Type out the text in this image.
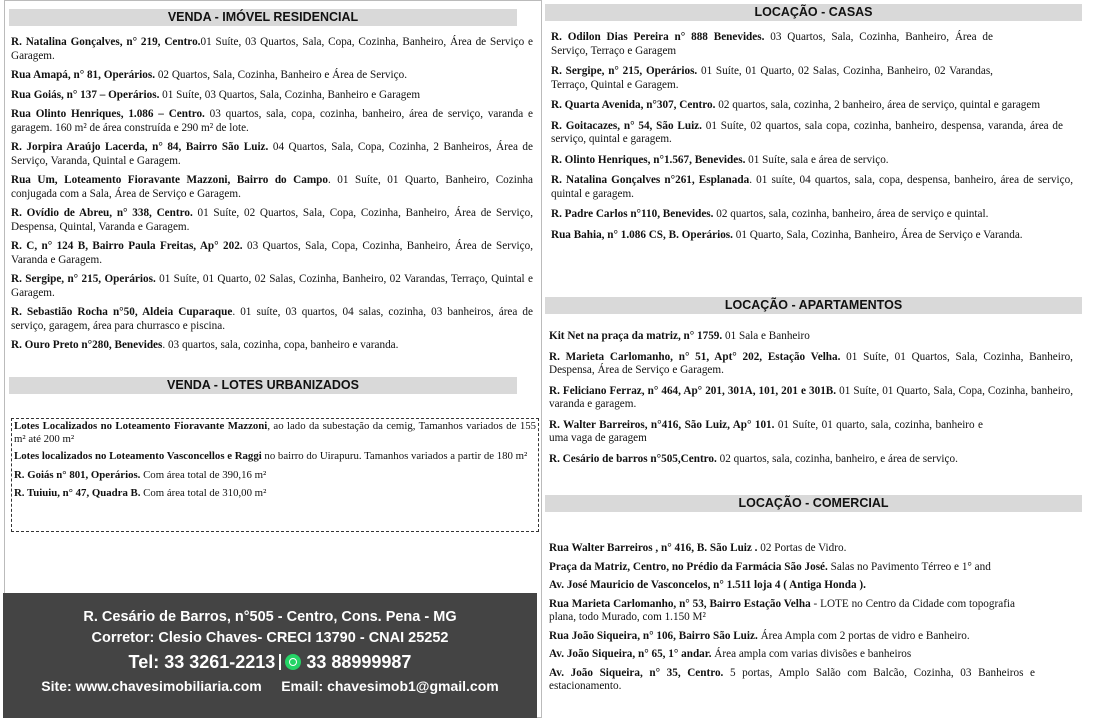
VENDA - IMÓVEL RESIDENCIAL

R. Natalina Gonçalves, n° 219, Centro.01 Suíte, 03 Quartos, Sala, Copa, Cozinha, Banheiro, Área de Serviço e Garagem.

Rua Amapá, n° 81, Operários. 02 Quartos, Sala, Cozinha, Banheiro e Área de Serviço.

Rua Goiás, n° 137 – Operários. 01 Suíte, 03 Quartos, Sala, Cozinha, Banheiro e Garagem

Rua Olinto Henriques, 1.086 – Centro. 03 quartos, sala, copa, cozinha, banheiro, área de serviço, varanda e garagem. 160 m² de área construída e 290 m² de lote.

R. Jorpira Araújo Lacerda, n° 84, Bairro São Luiz. 04 Quartos, Sala, Copa, Cozinha, 2 Banheiros, Área de Serviço, Varanda, Quintal e Garagem.

Rua Um, Loteamento Fioravante Mazzoni, Bairro do Campo. 01 Suíte, 01 Quarto, Banheiro, Cozinha conjugada com a Sala, Área de Serviço e Garagem.

R. Ovídio de Abreu, n° 338, Centro. 01 Suíte, 02 Quartos, Sala, Copa, Cozinha, Banheiro, Área de Serviço, Despensa, Quintal, Varanda e Garagem.

R. C, n° 124 B, Bairro Paula Freitas, Ap° 202. 03 Quartos, Sala, Copa, Cozinha, Banheiro, Área de Serviço, Varanda e Garagem.

R. Sergipe, n° 215, Operários. 01 Suíte, 01 Quarto, 02 Salas, Cozinha, Banheiro, 02 Varandas, Terraço, Quintal e Garagem.

R. Sebastião Rocha n°50, Aldeia Cuparaque. 01 suíte, 03 quartos, 04 salas, cozinha, 03 banheiros, área de serviço, garagem, área para churrasco e piscina.

R. Ouro Preto n°280, Benevides. 03 quartos, sala, cozinha, copa, banheiro e varanda.

VENDA - LOTES URBANIZADOS

Lotes Localizados no Loteamento Fioravante Mazzoni, ao lado da subestação da cemig, Tamanhos variados de 155 m² até 200 m²

Lotes localizados no Loteamento Vasconcellos e Raggi no bairro do Uirapuru. Tamanhos variados a partir de 180 m²

R. Goiás n° 801, Operários. Com área total de 390,16 m²

R. Tuiuiu, n° 47, Quadra B. Com área total de 310,00 m²

R. Cesário de Barros, n°505 - Centro, Cons. Pena - MG
Corretor: Clesio Chaves- CRECI 13790 - CNAI 25252
Tel: 33 3261-2213 33 88999987
Site: www.chavesimobiliaria.com Email: chavesimob1@gmail.com
LOCAÇÃO - CASAS

R. Odilon Dias Pereira n° 888 Benevides. 03 Quartos, Sala, Cozinha, Banheiro, Área de Serviço, Terraço e Garagem

R. Sergipe, n° 215, Operários. 01 Suíte, 01 Quarto, 02 Salas, Cozinha, Banheiro, 02 Varandas, Terraço, Quintal e Garagem.

R. Quarta Avenida, n°307, Centro. 02 quartos, sala, cozinha, 2 banheiro, área de serviço, quintal e garagem

R. Goitacazes, n° 54, São Luiz. 01 Suíte, 02 quartos, sala copa, cozinha, banheiro, despensa, varanda, área de serviço, quintal e garagem.

R. Olinto Henriques, n°1.567, Benevides. 01 Suíte, sala e área de serviço.

R. Natalina Gonçalves n°261, Esplanada. 01 suíte, 04 quartos, sala, copa, despensa, banheiro, área de serviço, quintal e garagem.

R. Padre Carlos n°110, Benevides. 02 quartos, sala, cozinha, banheiro, área de serviço e quintal.

Rua Bahia, n° 1.086 CS, B. Operários. 01 Quarto, Sala, Cozinha, Banheiro, Área de Serviço e Varanda.

LOCAÇÃO - APARTAMENTOS

Kit Net na praça da matriz, n° 1759. 01 Sala e Banheiro

R. Marieta Carlomanho, n° 51, Apt° 202, Estação Velha. 01 Suíte, 01 Quartos, Sala, Cozinha, Banheiro, Despensa, Área de Serviço e Garagem.

R. Feliciano Ferraz, n° 464, Ap° 201, 301A, 101, 201 e 301B. 01 Suíte, 01 Quarto, Sala, Copa, Cozinha, banheiro, varanda e garagem.

R. Walter Barreiros, n°416, São Luiz, Ap° 101. 01 Suíte, 01 quarto, sala, cozinha, banheiro e uma vaga de garagem

R. Cesário de barros n°505,Centro. 02 quartos, sala, cozinha, banheiro, e área de serviço.

LOCAÇÃO - COMERCIAL

Rua Walter Barreiros , n° 416, B. São Luiz . 02 Portas de Vidro.

Praça da Matriz, Centro, no Prédio da Farmácia São José. Salas no Pavimento Térreo e 1° and

Av. José Mauricio de Vasconcelos, n° 1.511 loja 4 ( Antiga Honda ).

Rua Marieta Carlomanho, n° 53, Bairro Estação Velha - LOTE no Centro da Cidade com topografia plana, todo Murado, com 1.150 M²

Rua João Siqueira, n° 106, Bairro São Luiz. Área Ampla com 2 portas de vidro e Banheiro.

Av. João Siqueira, n° 65, 1° andar. Área ampla com varias divisões e banheiros

Av. João Siqueira, n° 35, Centro. 5 portas, Amplo Salão com Balcão, Cozinha, 03 Banheiros e estacionamento.
